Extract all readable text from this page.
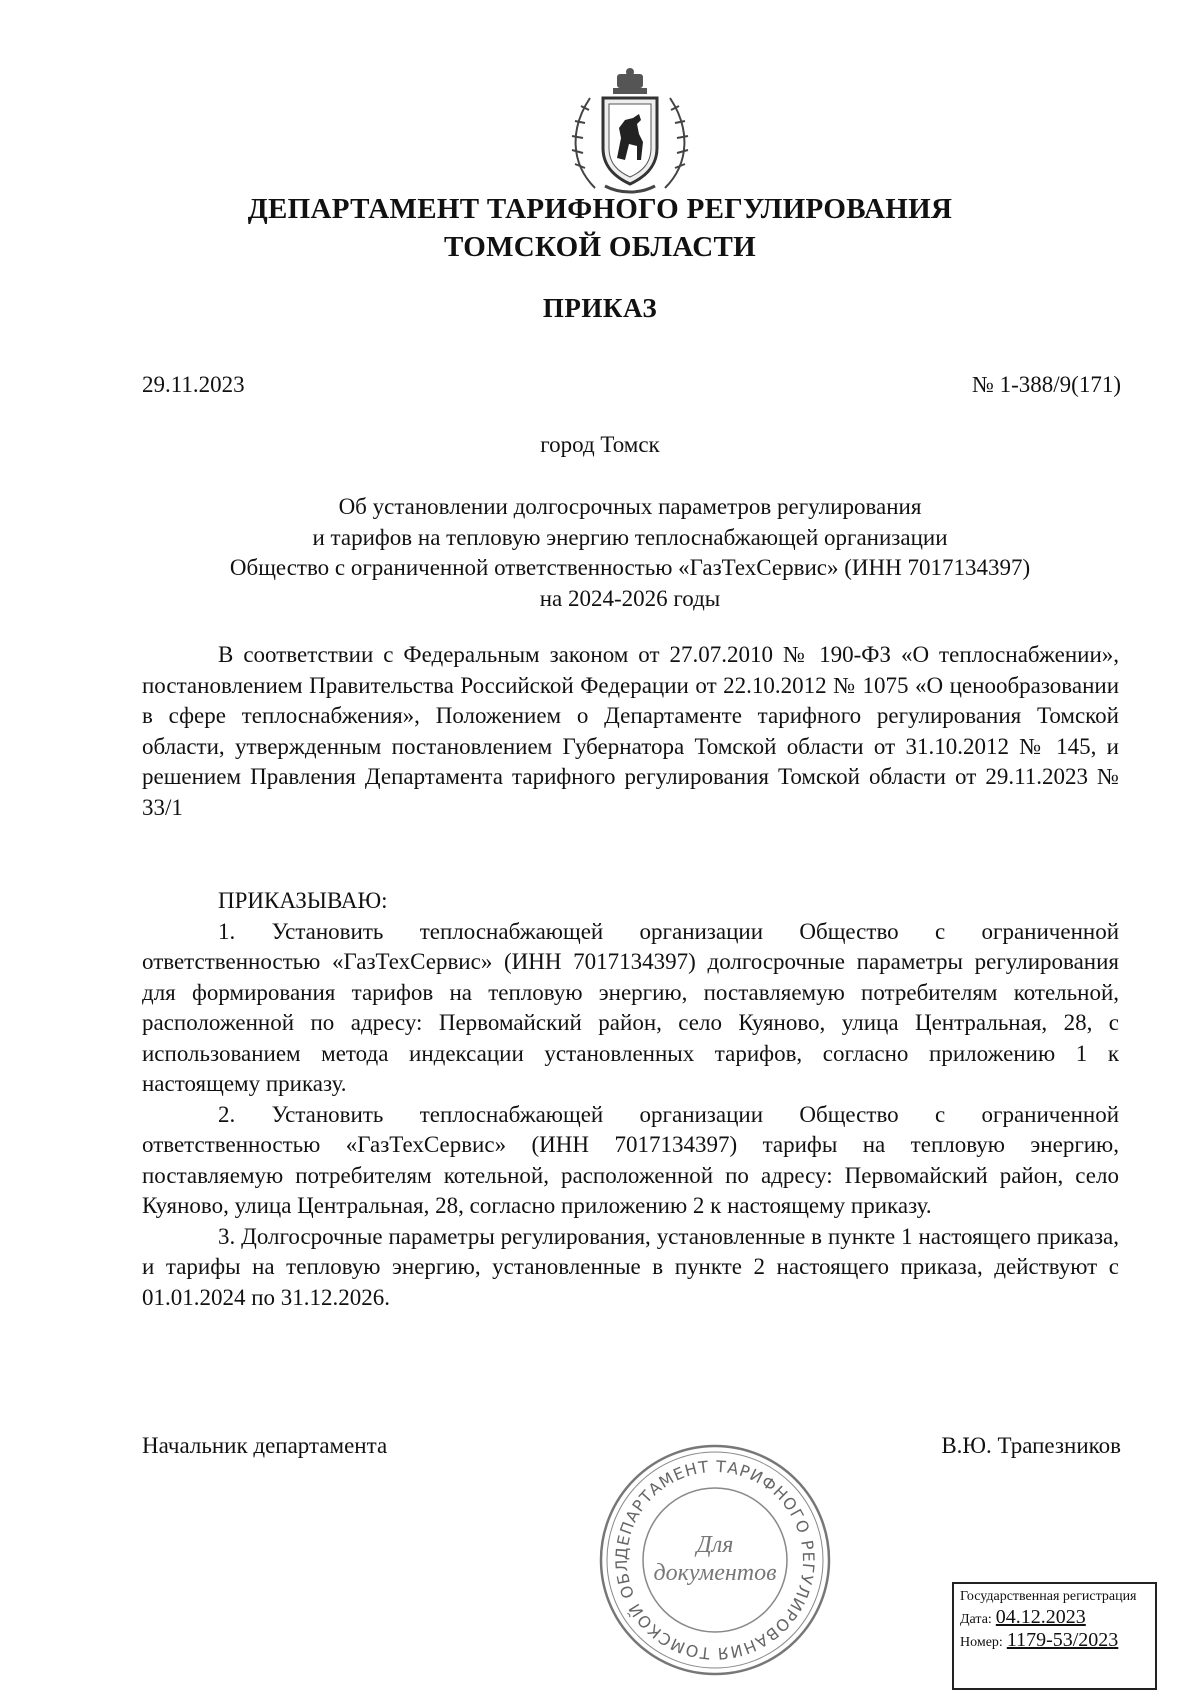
ДЕПАРТАМЕНТ ТАРИФНОГО РЕГУЛИРОВАНИЯ
ТОМСКОЙ ОБЛАСТИ
ПРИКАЗ
29.11.2023	№ 1-388/9(171)
город Томск
Об установлении долгосрочных параметров регулирования
и тарифов на тепловую энергию теплоснабжающей организации
Общество с ограниченной ответственностью «ГазТехСервис» (ИНН 7017134397)
на 2024-2026 годы

В соответствии с Федеральным законом от 27.07.2010 № 190-ФЗ «О теплоснабжении», постановлением Правительства Российской Федерации от 22.10.2012 № 1075 «О ценообразовании в сфере теплоснабжения», Положением о Департаменте тарифного регулирования Томской области, утвержденным постановлением Губернатора Томской области от 31.10.2012 № 145, и решением Правления Департамента тарифного регулирования Томской области от 29.11.2023 № 33/1

ПРИКАЗЫВАЮ:

1. Установить теплоснабжающей организации Общество с ограниченной ответственностью «ГазТехСервис» (ИНН 7017134397) долгосрочные параметры регулирования для формирования тарифов на тепловую энергию, поставляемую потребителям котельной, расположенной по адресу: Первомайский район, село Куяново, улица Центральная, 28, с использованием метода индексации установленных тарифов, согласно приложению 1 к настоящему приказу.

2. Установить теплоснабжающей организации Общество с ограниченной ответственностью «ГазТехСервис» (ИНН 7017134397) тарифы на тепловую энергию, поставляемую потребителям котельной, расположенной по адресу: Первомайский район, село Куяново, улица Центральная, 28, согласно приложению 2 к настоящему приказу.

3. Долгосрочные параметры регулирования, установленные в пункте 1 настоящего приказа, и тарифы на тепловую энергию, установленные в пункте 2 настоящего приказа, действуют с 01.01.2024 по 31.12.2026.

Начальник департамента	В.Ю. Трапезников
ДЕПАРТАМЕНТ ТАРИФНОГО РЕГУЛИРОВАНИЯ ТОМСКОЙ ОБЛ
Для
документов
Государственная регистрация
Дата: 04.12.2023
Номер: 1179-53/2023
